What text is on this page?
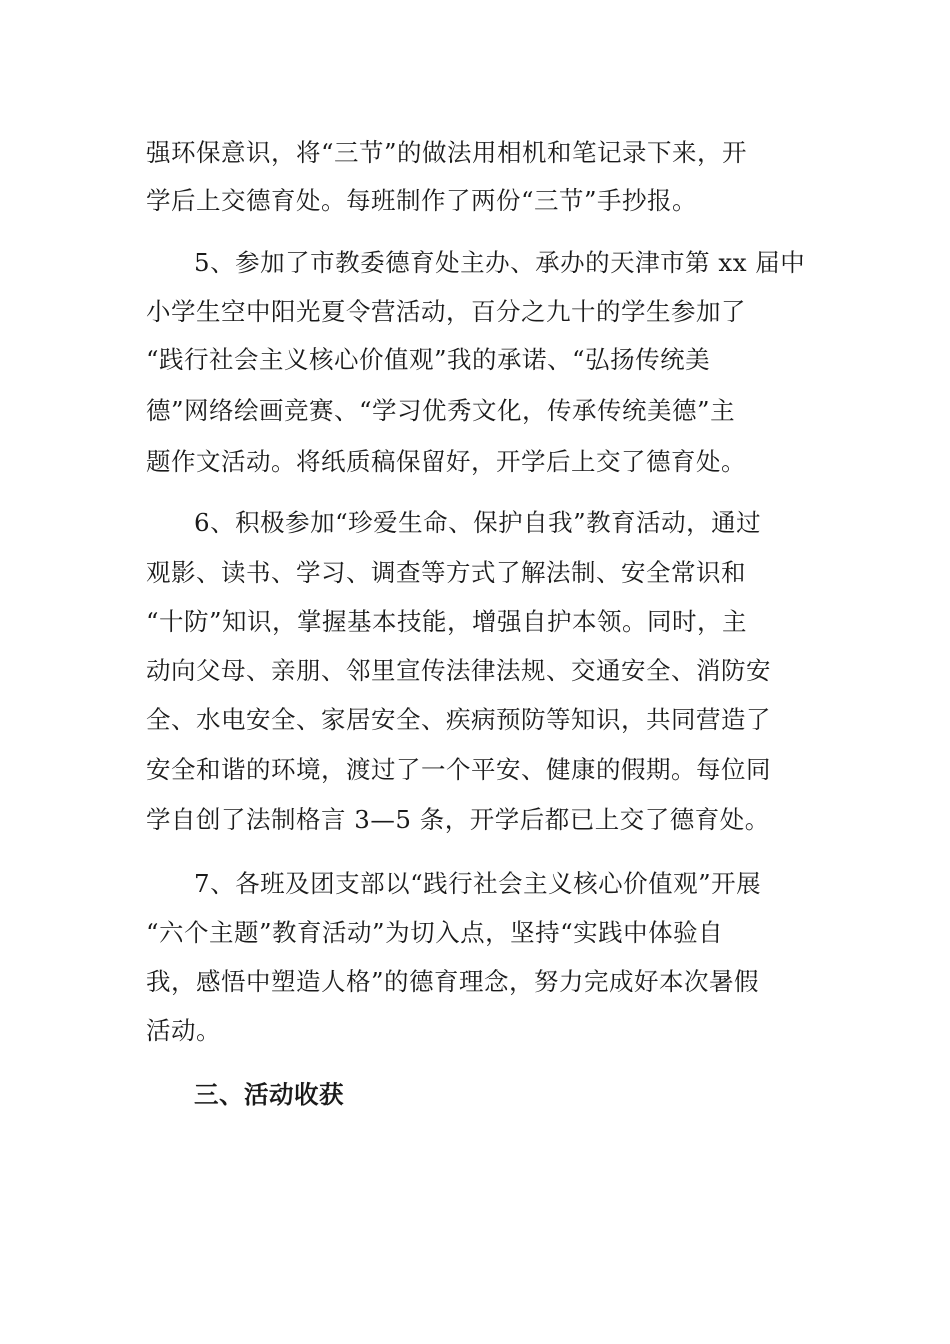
强环保意识，将“三节”的做法用相机和笔记录下来，开
学后上交德育处。每班制作了两份“三节”手抄报。
5、参加了市教委德育处主办、承办的天津市第 xx 届中
小学生空中阳光夏令营活动，百分之九十的学生参加了
“践行社会主义核心价值观”我的承诺、“弘扬传统美
德”网络绘画竞赛、“学习优秀文化，传承传统美德”主
题作文活动。将纸质稿保留好，开学后上交了德育处。
6、积极参加“珍爱生命、保护自我”教育活动，通过
观影、读书、学习、调查等方式了解法制、安全常识和
“十防”知识，掌握基本技能，增强自护本领。同时，主
动向父母、亲朋、邻里宣传法律法规、交通安全、消防安
全、水电安全、家居安全、疾病预防等知识，共同营造了
安全和谐的环境，渡过了一个平安、健康的假期。每位同
学自创了法制格言 3—5 条，开学后都已上交了德育处。
7、各班及团支部以“践行社会主义核心价值观”开展
“六个主题”教育活动”为切入点，坚持“实践中体验自
我，感悟中塑造人格”的德育理念，努力完成好本次暑假
活动。
三、活动收获
